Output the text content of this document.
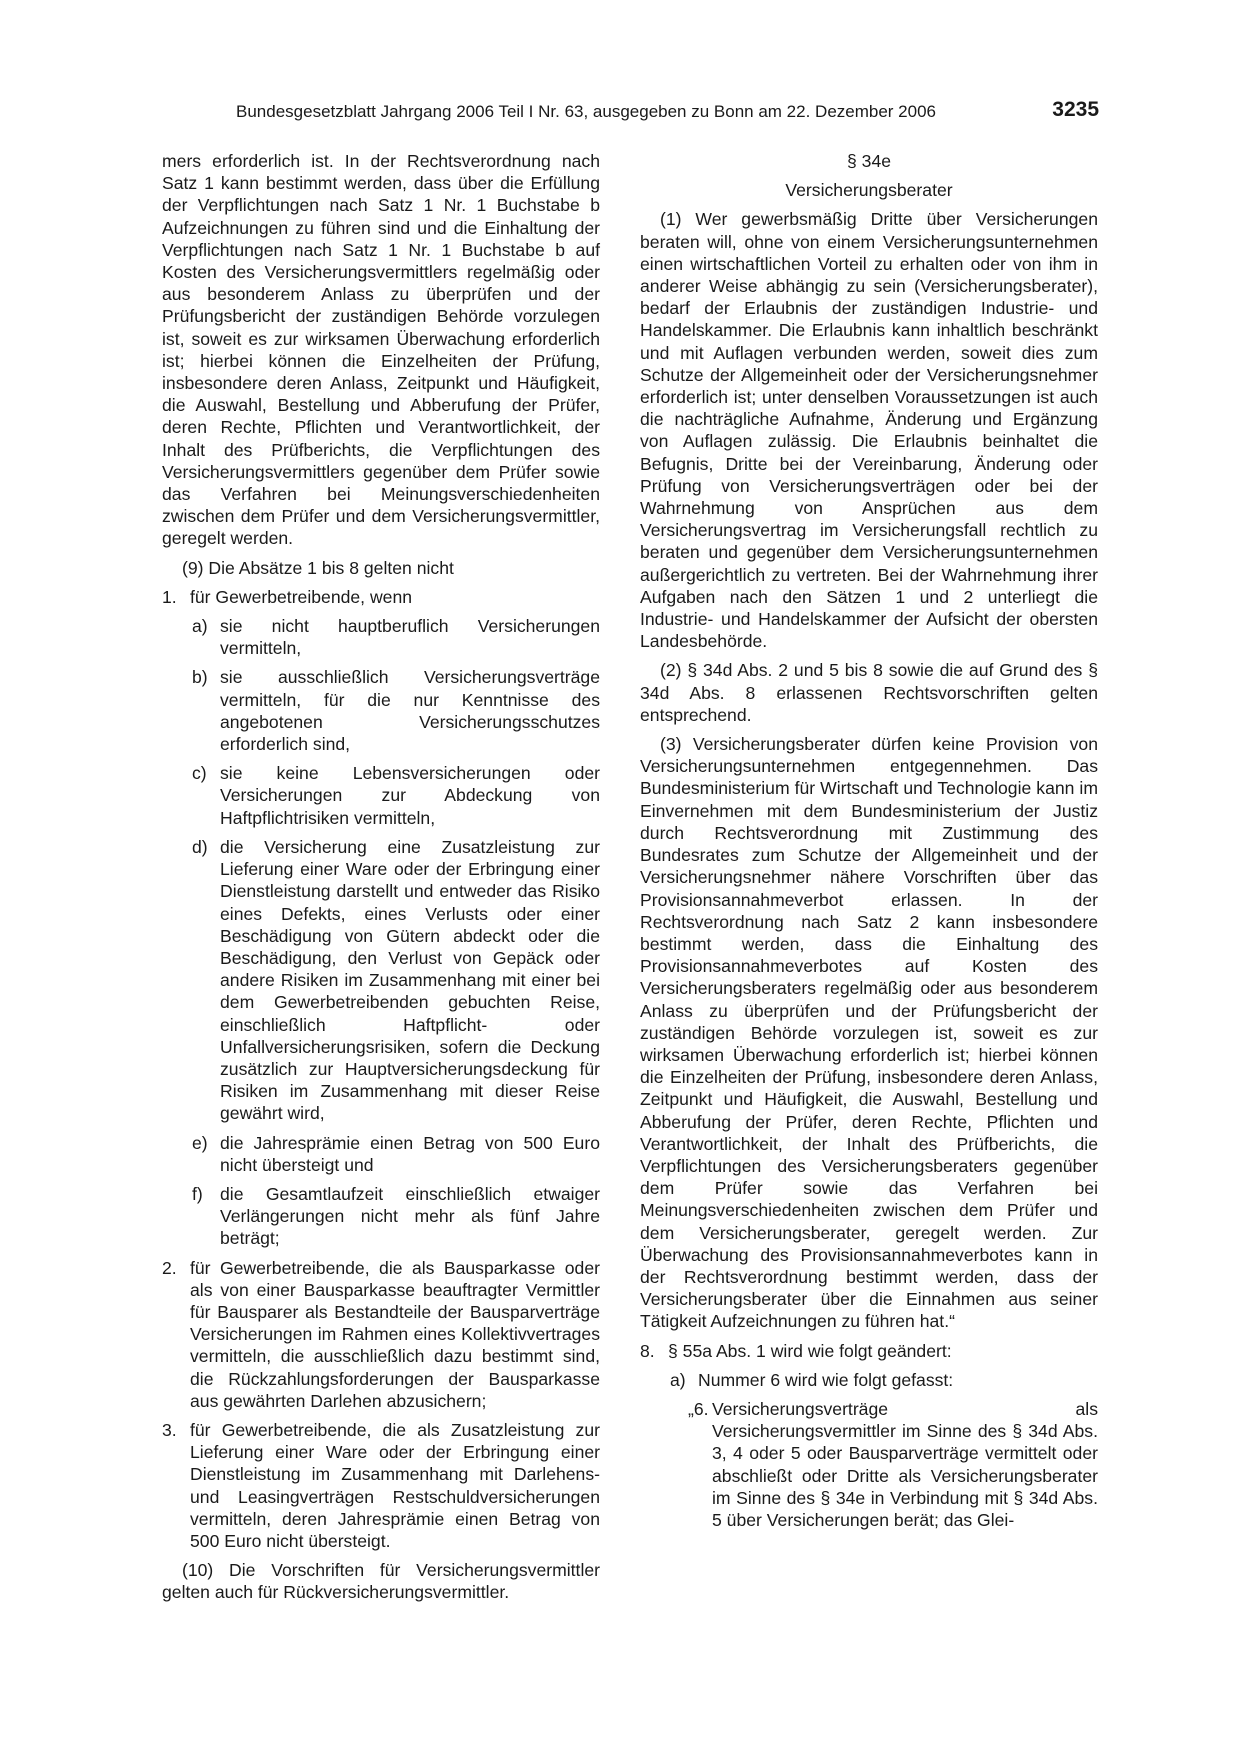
Bundesgesetzblatt Jahrgang 2006 Teil I Nr. 63, ausgegeben zu Bonn am 22. Dezember 2006	3235

mers erforderlich ist. In der Rechtsverordnung nach Satz 1 kann bestimmt werden, dass über die Erfüllung der Verpflichtungen nach Satz 1 Nr. 1 Buchstabe b Aufzeichnungen zu führen sind und die Einhaltung der Verpflichtungen nach Satz 1 Nr. 1 Buchstabe b auf Kosten des Versicherungsvermittlers regelmäßig oder aus besonderem Anlass zu überprüfen und der Prüfungsbericht der zuständigen Behörde vorzulegen ist, soweit es zur wirksamen Überwachung erforderlich ist; hierbei können die Einzelheiten der Prüfung, insbesondere deren Anlass, Zeitpunkt und Häufigkeit, die Auswahl, Bestellung und Abberufung der Prüfer, deren Rechte, Pflichten und Verantwortlichkeit, der Inhalt des Prüfberichts, die Verpflichtungen des Versicherungsvermittlers gegenüber dem Prüfer sowie das Verfahren bei Meinungsverschiedenheiten zwischen dem Prüfer und dem Versicherungsvermittler, geregelt werden.

(9) Die Absätze 1 bis 8 gelten nicht

1. für Gewerbetreibende, wenn
a) sie nicht hauptberuflich Versicherungen vermitteln,
b) sie ausschließlich Versicherungsverträge vermitteln, für die nur Kenntnisse des angebotenen Versicherungsschutzes erforderlich sind,
c) sie keine Lebensversicherungen oder Versicherungen zur Abdeckung von Haftpflichtrisiken vermitteln,
d) die Versicherung eine Zusatzleistung zur Lieferung einer Ware oder der Erbringung einer Dienstleistung darstellt und entweder das Risiko eines Defekts, eines Verlusts oder einer Beschädigung von Gütern abdeckt oder die Beschädigung, den Verlust von Gepäck oder andere Risiken im Zusammenhang mit einer bei dem Gewerbetreibenden gebuchten Reise, einschließlich Haftpflicht- oder Unfallversicherungsrisiken, sofern die Deckung zusätzlich zur Hauptversicherungsdeckung für Risiken im Zusammenhang mit dieser Reise gewährt wird,
e) die Jahresprämie einen Betrag von 500 Euro nicht übersteigt und
f) die Gesamtlaufzeit einschließlich etwaiger Verlängerungen nicht mehr als fünf Jahre beträgt;
2. für Gewerbetreibende, die als Bausparkasse oder als von einer Bausparkasse beauftragter Vermittler für Bausparer als Bestandteile der Bausparverträge Versicherungen im Rahmen eines Kollektivvertrages vermitteln, die ausschließlich dazu bestimmt sind, die Rückzahlungsforderungen der Bausparkasse aus gewährten Darlehen abzusichern;
3. für Gewerbetreibende, die als Zusatzleistung zur Lieferung einer Ware oder der Erbringung einer Dienstleistung im Zusammenhang mit Darlehens- und Leasingverträgen Restschuldversicherungen vermitteln, deren Jahresprämie einen Betrag von 500 Euro nicht übersteigt.

(10) Die Vorschriften für Versicherungsvermittler gelten auch für Rückversicherungsvermittler.

§ 34e

Versicherungsberater

(1) Wer gewerbsmäßig Dritte über Versicherungen beraten will, ohne von einem Versicherungsunternehmen einen wirtschaftlichen Vorteil zu erhalten oder von ihm in anderer Weise abhängig zu sein (Versicherungsberater), bedarf der Erlaubnis der zuständigen Industrie- und Handelskammer. Die Erlaubnis kann inhaltlich beschränkt und mit Auflagen verbunden werden, soweit dies zum Schutze der Allgemeinheit oder der Versicherungsnehmer erforderlich ist; unter denselben Voraussetzungen ist auch die nachträgliche Aufnahme, Änderung und Ergänzung von Auflagen zulässig. Die Erlaubnis beinhaltet die Befugnis, Dritte bei der Vereinbarung, Änderung oder Prüfung von Versicherungsverträgen oder bei der Wahrnehmung von Ansprüchen aus dem Versicherungsvertrag im Versicherungsfall rechtlich zu beraten und gegenüber dem Versicherungsunternehmen außergerichtlich zu vertreten. Bei der Wahrnehmung ihrer Aufgaben nach den Sätzen 1 und 2 unterliegt die Industrie- und Handelskammer der Aufsicht der obersten Landesbehörde.

(2) § 34d Abs. 2 und 5 bis 8 sowie die auf Grund des § 34d Abs. 8 erlassenen Rechtsvorschriften gelten entsprechend.

(3) Versicherungsberater dürfen keine Provision von Versicherungsunternehmen entgegennehmen. Das Bundesministerium für Wirtschaft und Technologie kann im Einvernehmen mit dem Bundesministerium der Justiz durch Rechtsverordnung mit Zustimmung des Bundesrates zum Schutze der Allgemeinheit und der Versicherungsnehmer nähere Vorschriften über das Provisionsannahmeverbot erlassen. In der Rechtsverordnung nach Satz 2 kann insbesondere bestimmt werden, dass die Einhaltung des Provisionsannahmeverbotes auf Kosten des Versicherungsberaters regelmäßig oder aus besonderem Anlass zu überprüfen und der Prüfungsbericht der zuständigen Behörde vorzulegen ist, soweit es zur wirksamen Überwachung erforderlich ist; hierbei können die Einzelheiten der Prüfung, insbesondere deren Anlass, Zeitpunkt und Häufigkeit, die Auswahl, Bestellung und Abberufung der Prüfer, deren Rechte, Pflichten und Verantwortlichkeit, der Inhalt des Prüfberichts, die Verpflichtungen des Versicherungsberaters gegenüber dem Prüfer sowie das Verfahren bei Meinungsverschiedenheiten zwischen dem Prüfer und dem Versicherungsberater, geregelt werden. Zur Überwachung des Provisionsannahmeverbotes kann in der Rechtsverordnung bestimmt werden, dass der Versicherungsberater über die Einnahmen aus seiner Tätigkeit Aufzeichnungen zu führen hat.“

8. § 55a Abs. 1 wird wie folgt geändert:
a) Nummer 6 wird wie folgt gefasst:
„6. Versicherungsverträge als Versicherungsvermittler im Sinne des § 34d Abs. 3, 4 oder 5 oder Bausparverträge vermittelt oder abschließt oder Dritte als Versicherungsberater im Sinne des § 34e in Verbindung mit § 34d Abs. 5 über Versicherungen berät; das Glei-
